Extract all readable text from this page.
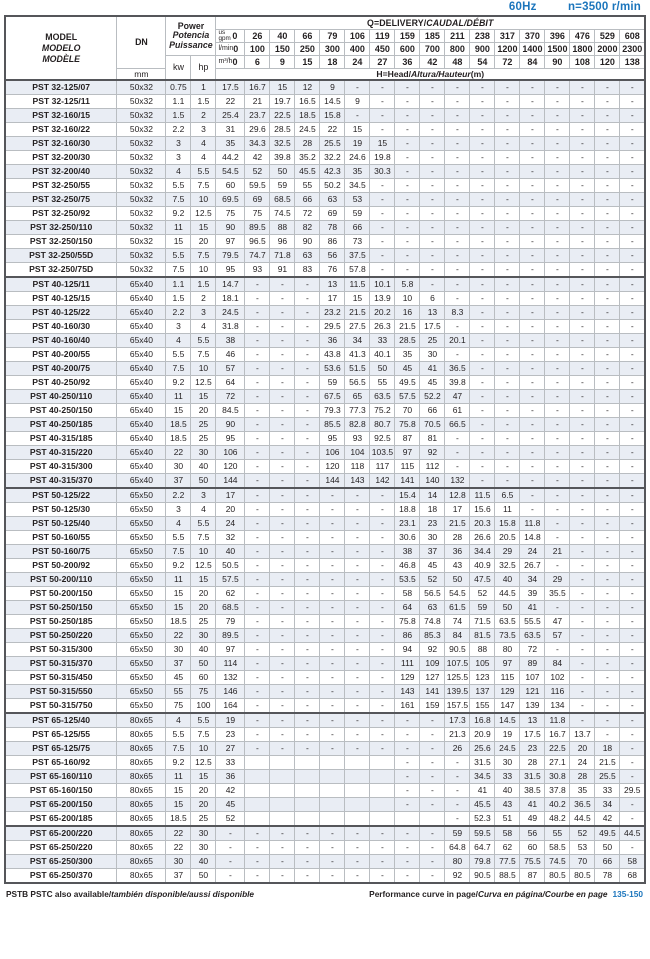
60Hz	n=3500 r/min
MODEL
MODELO
MODÈLE
	DN	
Power
Potencia
Puissance
	Q=DELIVERY/CAUDAL/DÉBIT

				us
gpm 0	26	40	66	79	106	119	159	185	211	238	317	370	396	476	529	608

				l/min 0	100	150	250	300	400	450	600	700	800	900	1200	1400	1500	1800	2000	2300
		kw	hp	m³/h 0	6	9	15	18	24	27	36	42	48	54	72	84	90	108	120	138
	mm			H=Head/Altura/Hauteur(m)																
PST 32-125/07	50x32	0.75	1	17.5	16.7	15	12	9	-	-	-	-	-	-	-	-	-	-	-	-
PST 32-125/11	50x32	1.1	1.5	22	21	19.7	16.5	14.5	9	-	-	-	-	-	-	-	-	-	-	-
PST 32-160/15	50x32	1.5	2	25.4	23.7	22.5	18.5	15.8	-	-	-	-	-	-	-	-	-	-	-	-
PST 32-160/22	50x32	2.2	3	31	29.6	28.5	24.5	22	15	-	-	-	-	-	-	-	-	-	-	-
PST 32-160/30	50x32	3	4	35	34.3	32.5	28	25.5	19	15	-	-	-	-	-	-	-	-	-	-
PST 32-200/30	50x32	3	4	44.2	42	39.8	35.2	32.2	24.6	19.8	-	-	-	-	-	-	-	-	-	-
PST 32-200/40	50x32	4	5.5	54.5	52	50	45.5	42.3	35	30.3	-	-	-	-	-	-	-	-	-	-
PST 32-250/55	50x32	5.5	7.5	60	59.5	59	55	50.2	34.5	-	-	-	-	-	-	-	-	-	-	-
PST 32-250/75	50x32	7.5	10	69.5	69	68.5	66	63	53	-	-	-	-	-	-	-	-	-	-	-
PST 32-250/92	50x32	9.2	12.5	75	75	74.5	72	69	59	-	-	-	-	-	-	-	-	-	-	-
PST 32-250/110	50x32	11	15	90	89.5	88	82	78	66	-	-	-	-	-	-	-	-	-	-	-
PST 32-250/150	50x32	15	20	97	96.5	96	90	86	73	-	-	-	-	-	-	-	-	-	-	-
PST 32-250/55D	50x32	5.5	7.5	79.5	74.7	71.8	63	56	37.5	-	-	-	-	-	-	-	-	-	-	-
PST 32-250/75D	50x32	7.5	10	95	93	91	83	76	57.8	-	-	-	-	-	-	-	-	-	-	-
PST 40-125/11	65x40	1.1	1.5	14.7	-	-	-	13	11.5	10.1	5.8	-	-	-	-	-	-	-	-	-
PST 40-125/15	65x40	1.5	2	18.1	-	-	-	17	15	13.9	10	6	-	-	-	-	-	-	-	-
PST 40-125/22	65x40	2.2	3	24.5	-	-	-	23.2	21.5	20.2	16	13	8.3	-	-	-	-	-	-	-
PST 40-160/30	65x40	3	4	31.8	-	-	-	29.5	27.5	26.3	21.5	17.5	-	-	-	-	-	-	-	-
PST 40-160/40	65x40	4	5.5	38	-	-	-	36	34	33	28.5	25	20.1	-	-	-	-	-	-	-
PST 40-200/55	65x40	5.5	7.5	46	-	-	-	43.8	41.3	40.1	35	30	-	-	-	-	-	-	-	-
PST 40-200/75	65x40	7.5	10	57	-	-	-	53.6	51.5	50	45	41	36.5	-	-	-	-	-	-	-
PST 40-250/92	65x40	9.2	12.5	64	-	-	-	59	56.5	55	49.5	45	39.8	-	-	-	-	-	-	-
PST 40-250/110	65x40	11	15	72	-	-	-	67.5	65	63.5	57.5	52.2	47	-	-	-	-	-	-	-
PST 40-250/150	65x40	15	20	84.5	-	-	-	79.3	77.3	75.2	70	66	61	-	-	-	-	-	-	-
PST 40-250/185	65x40	18.5	25	90	-	-	-	85.5	82.8	80.7	75.8	70.5	66.5	-	-	-	-	-	-	-
PST 40-315/185	65x40	18.5	25	95	-	-	-	95	93	92.5	87	81	-	-	-	-	-	-	-	-
PST 40-315/220	65x40	22	30	106	-	-	-	106	104	103.5	97	92	-	-	-	-	-	-	-	-
PST 40-315/300	65x40	30	40	120	-	-	-	120	118	117	115	112	-	-	-	-	-	-	-	-
PST 40-315/370	65x40	37	50	144	-	-	-	144	143	142	141	140	132	-	-	-	-	-	-	-
PST 50-125/22	65x50	2.2	3	17	-	-	-	-	-	-	15.4	14	12.8	11.5	6.5	-	-	-	-	-
PST 50-125/30	65x50	3	4	20	-	-	-	-	-	-	18.8	18	17	15.6	11	-	-	-	-	-
PST 50-125/40	65x50	4	5.5	24	-	-	-	-	-	-	23.1	23	21.5	20.3	15.8	11.8	-	-	-	-
PST 50-160/55	65x50	5.5	7.5	32	-	-	-	-	-	-	30.6	30	28	26.6	20.5	14.8	-	-	-	-
PST 50-160/75	65x50	7.5	10	40	-	-	-	-	-	-	38	37	36	34.4	29	24	21	-	-	-
PST 50-200/92	65x50	9.2	12.5	50.5	-	-	-	-	-	-	46.8	45	43	40.9	32.5	26.7	-	-	-	-
PST 50-200/110	65x50	11	15	57.5	-	-	-	-	-	-	53.5	52	50	47.5	40	34	29	-	-	-
PST 50-200/150	65x50	15	20	62	-	-	-	-	-	-	58	56.5	54.5	52	44.5	39	35.5	-	-	-
PST 50-250/150	65x50	15	20	68.5	-	-	-	-	-	-	64	63	61.5	59	50	41	-	-	-	-
PST 50-250/185	65x50	18.5	25	79	-	-	-	-	-	-	75.8	74.8	74	71.5	63.5	55.5	47	-	-	-
PST 50-250/220	65x50	22	30	89.5	-	-	-	-	-	-	86	85.3	84	81.5	73.5	63.5	57	-	-	-
PST 50-315/300	65x50	30	40	97	-	-	-	-	-	-	94	92	90.5	88	80	72	-	-	-	-
PST 50-315/370	65x50	37	50	114	-	-	-	-	-	-	111	109	107.5	105	97	89	84	-	-	-
PST 50-315/450	65x50	45	60	132	-	-	-	-	-	-	129	127	125.5	123	115	107	102	-	-	-
PST 50-315/550	65x50	55	75	146	-	-	-	-	-	-	143	141	139.5	137	129	121	116	-	-	-
PST 50-315/750	65x50	75	100	164	-	-	-	-	-	-	161	159	157.5	155	147	139	134	-	-	-
PST 65-125/40	80x65	4	5.5	19	-	-	-	-	-	-	-	-	17.3	16.8	14.5	13	11.8	-	-	-
PST 65-125/55	80x65	5.5	7.5	23	-	-	-	-	-	-	-	-	21.3	20.9	19	17.5	16.7	13.7	-	-
PST 65-125/75	80x65	7.5	10	27	-	-	-	-	-	-	-	-	26	25.6	24.5	23	22.5	20	18	-
PST 65-160/92	80x65	9.2	12.5	33							-	-	-	31.5	30	28	27.1	24	21.5	-
PST 65-160/110	80x65	11	15	36							-	-	-	34.5	33	31.5	30.8	28	25.5	-
PST 65-160/150	80x65	15	20	42							-	-	-	41	40	38.5	37.8	35	33	29.5
PST 65-200/150	80x65	15	20	45							-	-	-	45.5	43	41	40.2	36.5	34	-
PST 65-200/185	80x65	18.5	25	52									-	52.3	51	49	48.2	44.5	42	-
PST 65-200/220	80x65	22	30	-	-	-	-	-	-	-	-	-	59	59.5	58	56	55	52	49.5	44.5
PST 65-250/220	80x65	22	30	-	-	-	-	-	-	-	-	-	64.8	64.7	62	60	58.5	53	50	-
PST 65-250/300	80x65	30	40	-	-	-	-	-	-	-	-	-	80	79.8	77.5	75.5	74.5	70	66	58
PST 65-250/370	80x65	37	50	-	-	-	-	-	-	-	-	-	92	90.5	88.5	87	80.5	80.5	78	68
PSTB PSTC also available/también disponible/aussi disponible	Performance curve in page/Curva en página/Courbe en page 135-150
